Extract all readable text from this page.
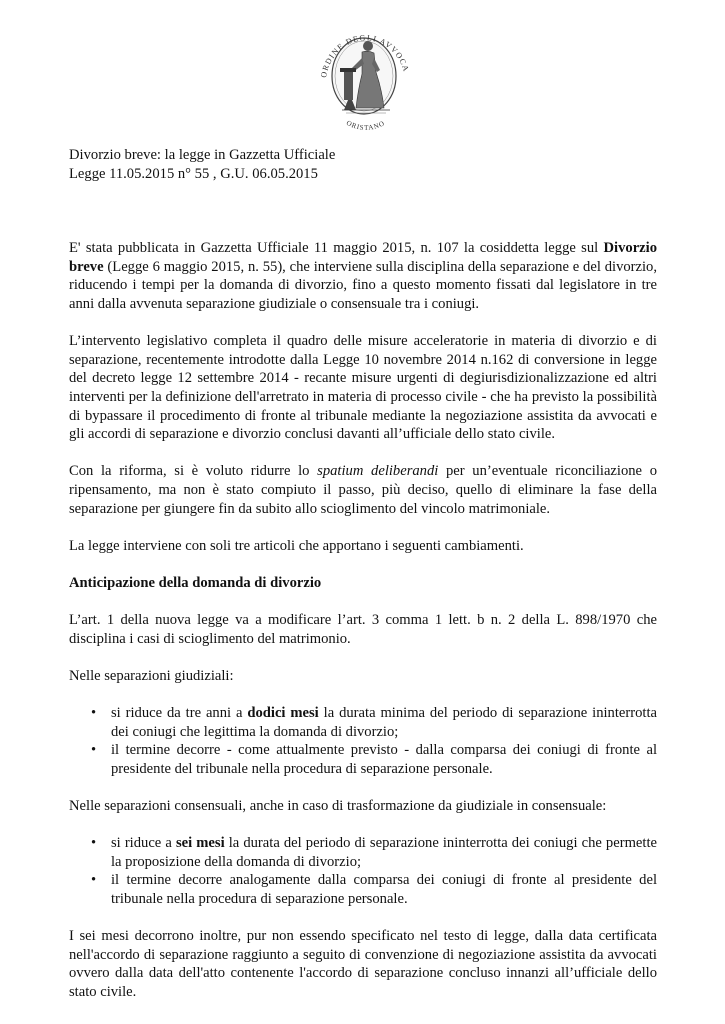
ORDINE DEGLI AVVOCA
ORISTANO

Divorzio breve: la legge in Gazzetta Ufficiale

Legge 11.05.2015 n° 55 , G.U. 06.05.2015

E' stata pubblicata in Gazzetta Ufficiale 11 maggio 2015, n. 107 la cosiddetta legge sul Divorzio breve (Legge 6 maggio 2015, n. 55), che interviene sulla disciplina della separazione e del divorzio, riducendo i tempi per la domanda di divorzio, fino a questo momento fissati dal legislatore in tre anni dalla avvenuta separazione giudiziale o consensuale tra i coniugi.

L’intervento legislativo completa il quadro delle misure acceleratorie in materia di divorzio e di separazione, recentemente introdotte dalla Legge 10 novembre 2014 n.162 di conversione in legge del decreto legge 12 settembre 2014 - recante misure urgenti di degiurisdizionalizzazione ed altri interventi per la definizione dell'arretrato in materia di processo civile - che ha previsto la possibilità di bypassare il procedimento di fronte al tribunale mediante la negoziazione assistita da avvocati e gli accordi di separazione e divorzio conclusi davanti all’ufficiale dello stato civile.

Con la riforma, si è voluto ridurre lo spatium deliberandi per un’eventuale riconciliazione o ripensamento, ma non è stato compiuto il passo, più deciso, quello di eliminare la fase della separazione per giungere fin da subito allo scioglimento del vincolo matrimoniale.

La legge interviene con soli tre articoli che apportano i seguenti cambiamenti.

Anticipazione della domanda di divorzio

L’art. 1 della nuova legge va a modificare l’art. 3 comma 1 lett. b n. 2 della L. 898/1970 che disciplina i casi di scioglimento del matrimonio.

Nelle separazioni giudiziali:

• si riduce da tre anni a dodici mesi la durata minima del periodo di separazione ininterrotta dei coniugi che legittima la domanda di divorzio;
• il termine decorre - come attualmente previsto - dalla comparsa dei coniugi di fronte al presidente del tribunale nella procedura di separazione personale.

Nelle separazioni consensuali, anche in caso di trasformazione da giudiziale in consensuale:

• si riduce a sei mesi la durata del periodo di separazione ininterrotta dei coniugi che permette la proposizione della domanda di divorzio;
• il termine decorre analogamente dalla comparsa dei coniugi di fronte al presidente del tribunale nella procedura di separazione personale.

I sei mesi decorrono inoltre, pur non essendo specificato nel testo di legge, dalla data certificata nell'accordo di separazione raggiunto a seguito di convenzione di negoziazione assistita da avvocati ovvero dalla data dell'atto contenente l'accordo di separazione concluso innanzi all’ufficiale dello stato civile.
